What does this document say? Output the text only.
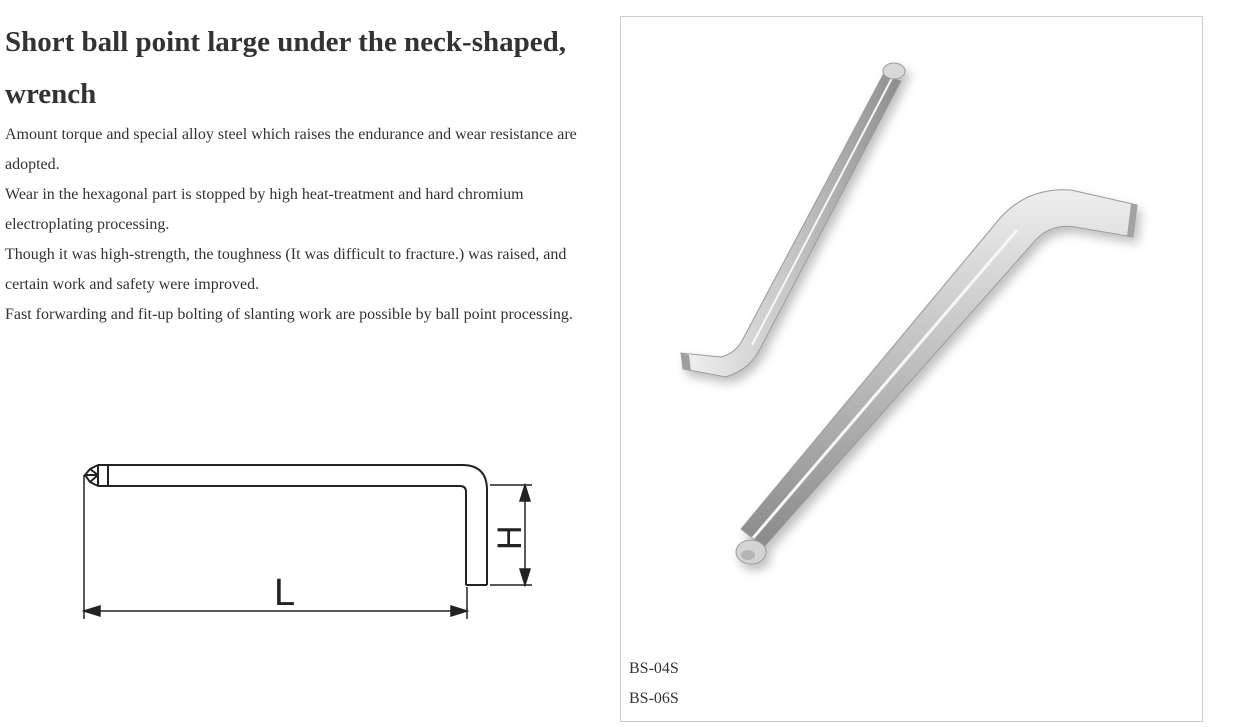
Short ball point large under the neck-shaped, wrench

Amount torque and special alloy steel which raises the endurance and wear resistance are adopted.

Wear in the hexagonal part is stopped by high heat-treatment and hard chromium electroplating processing.

Though it was high-strength, the toughness (It was difficult to fracture.) was raised, and certain work and safety were improved.

Fast forwarding and fit-up bolting of slanting work are possible by ball point processing.

L
H
BS-04S
BS-06S
